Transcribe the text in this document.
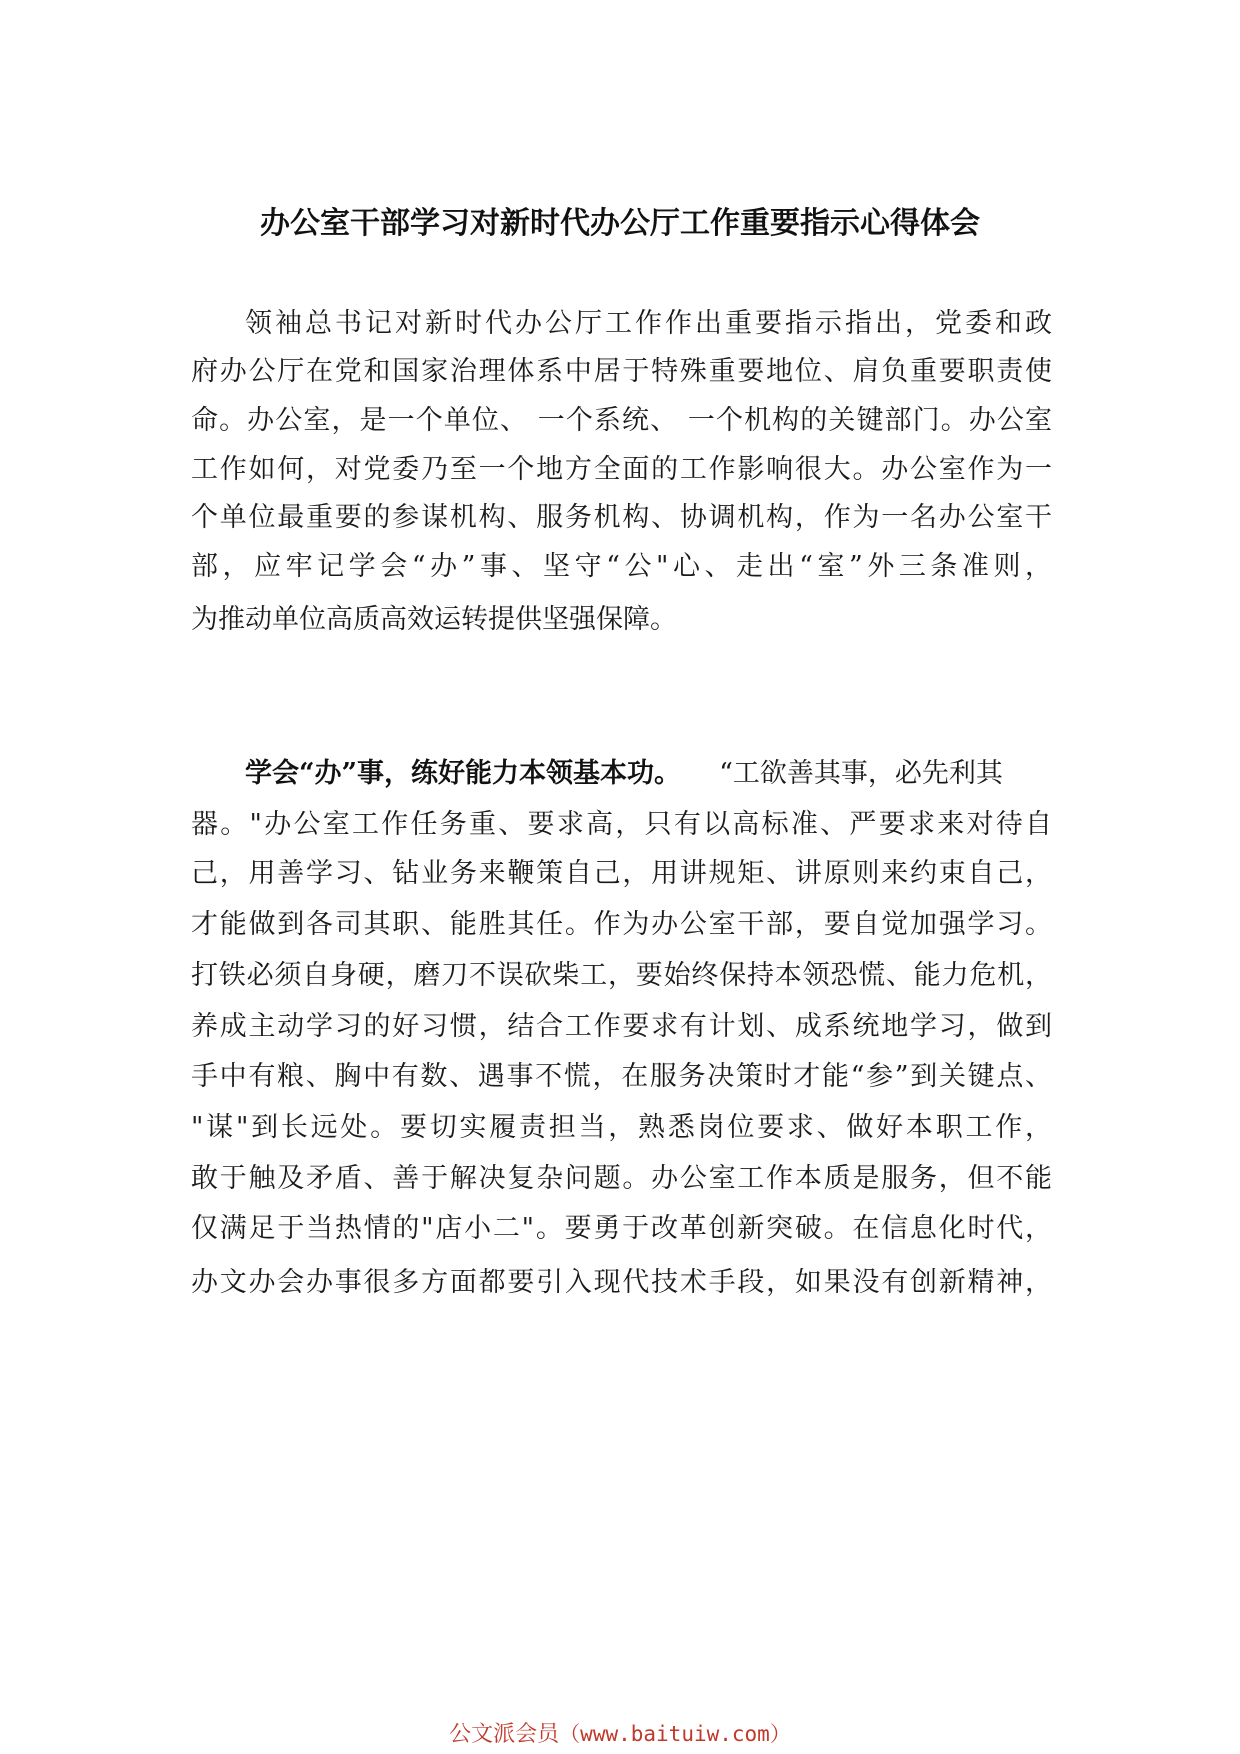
办公室干部学习对新时代办公厅工作重要指示心得体会

领袖总书记对新时代办公厅工作作出重要指示指出，党委和政

府办公厅在党和国家治理体系中居于特殊重要地位、肩负重要职责使

命。办公室，是一个单位、 一个系统、 一个机构的关键部门。办公室

工作如何，对党委乃至一个地方全面的工作影响很大。办公室作为一

个单位最重要的参谋机构、服务机构、协调机构，作为一名办公室干

部，应牢记学会“办”事、坚守“公"心、走出“室”外三条准则，

为推动单位高质高效运转提供坚强保障。

学会“办”事，练好能力本领基本功。 “工欲善其事，必先利其

器。"办公室工作任务重、要求高，只有以高标准、严要求来对待自

己，用善学习、钻业务来鞭策自己，用讲规矩、讲原则来约束自己，

才能做到各司其职、能胜其任。作为办公室干部，要自觉加强学习。

打铁必须自身硬，磨刀不误砍柴工，要始终保持本领恐慌、能力危机，

养成主动学习的好习惯，结合工作要求有计划、成系统地学习，做到

手中有粮、胸中有数、遇事不慌，在服务决策时才能“参”到关键点、

"谋"到长远处。要切实履责担当，熟悉岗位要求、做好本职工作，

敢于触及矛盾、善于解决复杂问题。办公室工作本质是服务，但不能

仅满足于当热情的"店小二"。要勇于改革创新突破。在信息化时代，

办文办会办事很多方面都要引入现代技术手段，如果没有创新精神，

公文派会员（www.baituiw.com）
